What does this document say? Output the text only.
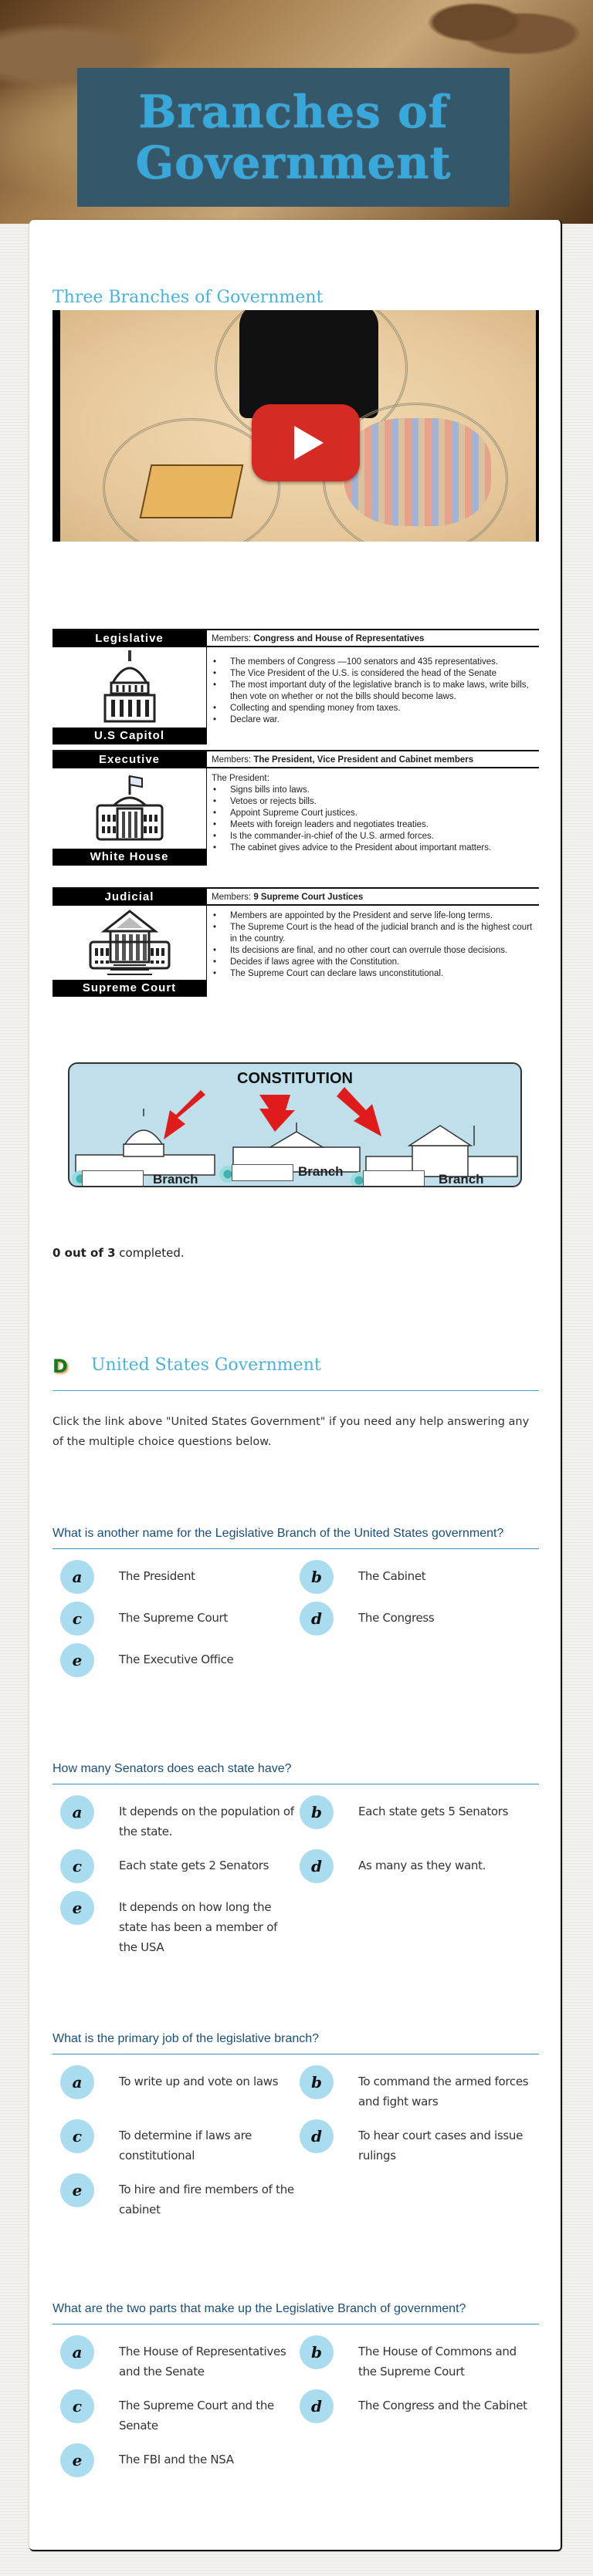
Branches of
Government
Three Branches of Government
Legislative
U.S Capitol
Members: Congress and House of Representatives
• The members of Congress —100 senators and 435 representatives.
• The Vice President of the U.S. is considered the head of the Senate
• The most important duty of the legislative branch is to make laws, write bills, then vote on whether or not the bills should become laws.
• Collecting and spending money from taxes.
• Declare war.
Executive
White House
Members: The President, Vice President and Cabinet members
The President:
• Signs bills into laws.
• Vetoes or rejects bills.
• Appoint Supreme Court justices.
• Meets with foreign leaders and negotiates treaties.
• Is the commander-in-chief of the U.S. armed forces.
• The cabinet gives advice to the President about important matters.
Judicial
Supreme Court
Members: 9 Supreme Court Justices
• Members are appointed by the President and serve life-long terms.
• The Supreme Court is the head of the judicial branch and is the highest court in the country.
• Its decisions are final, and no other court can overrule those decisions.
• Decides if laws agree with the Constitution.
• The Supreme Court can declare laws unconstitutional.
CONSTITUTION
Branch
Branch
Branch
0 out of 3 completed.
D	United States Government
Click the link above "United States Government" if you need any help answering any of the multiple choice questions below.
What is another name for the Legislative Branch of the United States government?
a	The President	b	The Cabinet
c	The Supreme Court	d	The Congress
e	The Executive Office
How many Senators does each state have?
a	It depends on the population of the state.
b	Each state gets 5 Senators
c	Each state gets 2 Senators	d	As many as they want.
e	It depends on how long the state has been a member of the USA
What is the primary job of the legislative branch?
a	To write up and vote on laws	b	To command the armed forces and fight wars
c	To determine if laws are constitutional
d	To hear court cases and issue rulings
e	To hire and fire members of the cabinet
What are the two parts that make up the Legislative Branch of government?
a	The House of Representatives and the Senate
b	The House of Commons and the Supreme Court
c	The Supreme Court and the Senate
d	The Congress and the Cabinet
e	The FBI and the NSA
